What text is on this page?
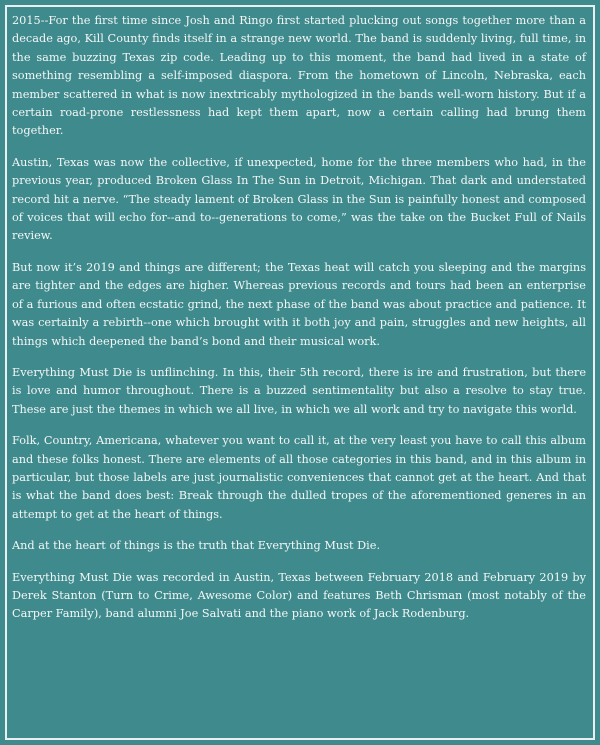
2015--For the first time since Josh and Ringo first started plucking out songs together more than a decade ago, Kill County finds itself in a strange new world. The band is suddenly living, full time, in the same buzzing Texas zip code. Leading up to this moment, the band had lived in a state of something resembling a self-imposed diaspora. From the hometown of Lincoln, Nebraska, each member scattered in what is now inextricably mythologized in the bands well-worn history. But if a certain road-prone restlessness had kept them apart, now a certain calling had brung them together.

Austin, Texas was now the collective, if unexpected, home for the three members who had, in the previous year, produced Broken Glass In The Sun in Detroit, Michigan. That dark and understated record hit a nerve. “The steady lament of Broken Glass in the Sun is painfully honest and composed of voices that will echo for--and to--generations to come,” was the take on the Bucket Full of Nails review.

But now it’s 2019 and things are different; the Texas heat will catch you sleeping and the margins are tighter and the edges are higher. Whereas previous records and tours had been an enterprise of a furious and often ecstatic grind, the next phase of the band was about practice and patience. It was certainly a rebirth--one which brought with it both joy and pain, struggles and new heights, all things which deepened the band’s bond and their musical work.

Everything Must Die is unflinching. In this, their 5th record, there is ire and frustration, but there is love and humor throughout. There is a buzzed sentimentality but also a resolve to stay true. These are just the themes in which we all live, in which we all work and try to navigate this world.

Folk, Country, Americana, whatever you want to call it, at the very least you have to call this album and these folks honest. There are elements of all those categories in this band, and in this album in particular, but those labels are just journalistic conveniences that cannot get at the heart. And that is what the band does best: Break through the dulled tropes of the aforementioned generes in an attempt to get at the heart of things.

And at the heart of things is the truth that Everything Must Die.

Everything Must Die was recorded in Austin, Texas between February 2018 and February 2019 by Derek Stanton (Turn to Crime, Awesome Color) and features Beth Chrisman (most notably of the Carper Family), band alumni Joe Salvati and the piano work of Jack Rodenburg.
